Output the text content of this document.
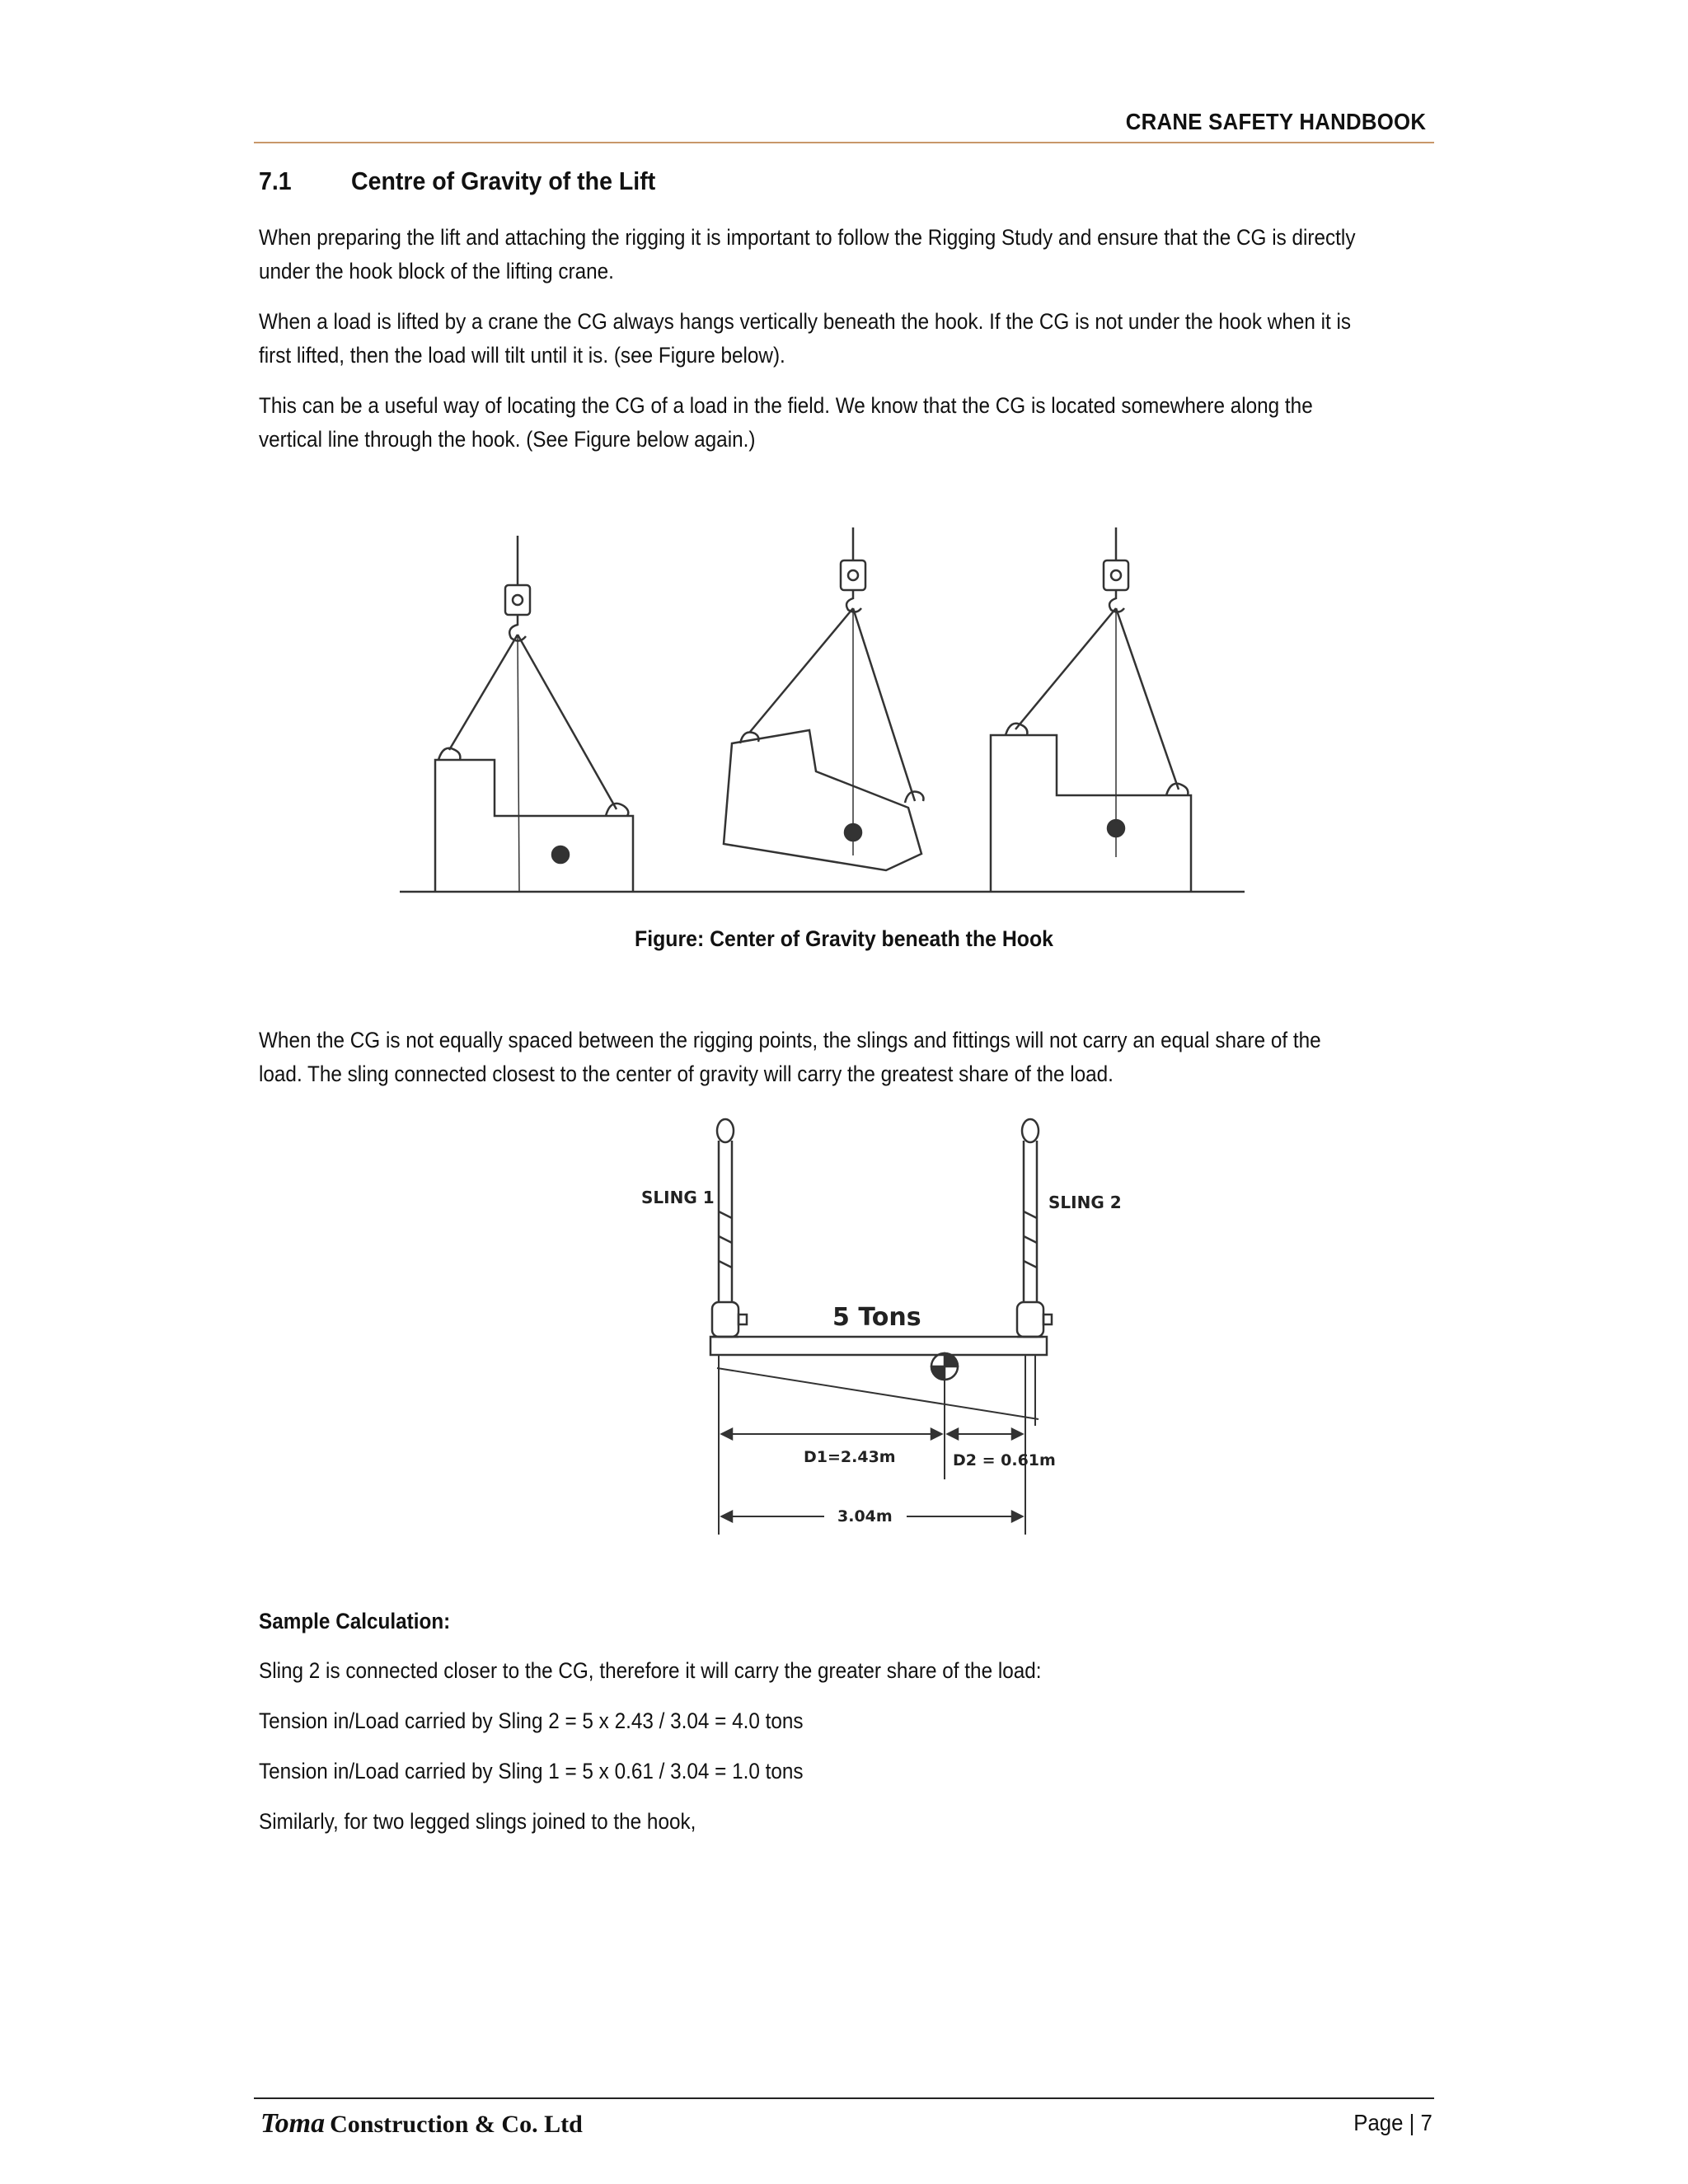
CRANE SAFETY HANDBOOK
7.1 Centre of Gravity of the Lift
When preparing the lift and attaching the rigging it is important to follow the Rigging Study and ensure that the CG is directly under the hook block of the lifting crane.
When a load is lifted by a crane the CG always hangs vertically beneath the hook. If the CG is not under the hook when it is first lifted, then the load will tilt until it is. (see Figure below).
This can be a useful way of locating the CG of a load in the field. We know that the CG is located somewhere along the vertical line through the hook. (See Figure below again.)
Figure: Center of Gravity beneath the Hook
When the CG is not equally spaced between the rigging points, the slings and fittings will not carry an equal share of the load. The sling connected closest to the center of gravity will carry the greatest share of the load.
SLING 1	SLING 2
5 Tons
D1=2.43m	D2 = 0.61m
3.04m
Sample Calculation:
Sling 2 is connected closer to the CG, therefore it will carry the greater share of the load:
Tension in/Load carried by Sling 2 = 5 x 2.43 / 3.04 = 4.0 tons
Tension in/Load carried by Sling 1 = 5 x 0.61 / 3.04 = 1.0 tons
Similarly, for two legged slings joined to the hook,
Toma Construction & Co. Ltd	Page | 7
